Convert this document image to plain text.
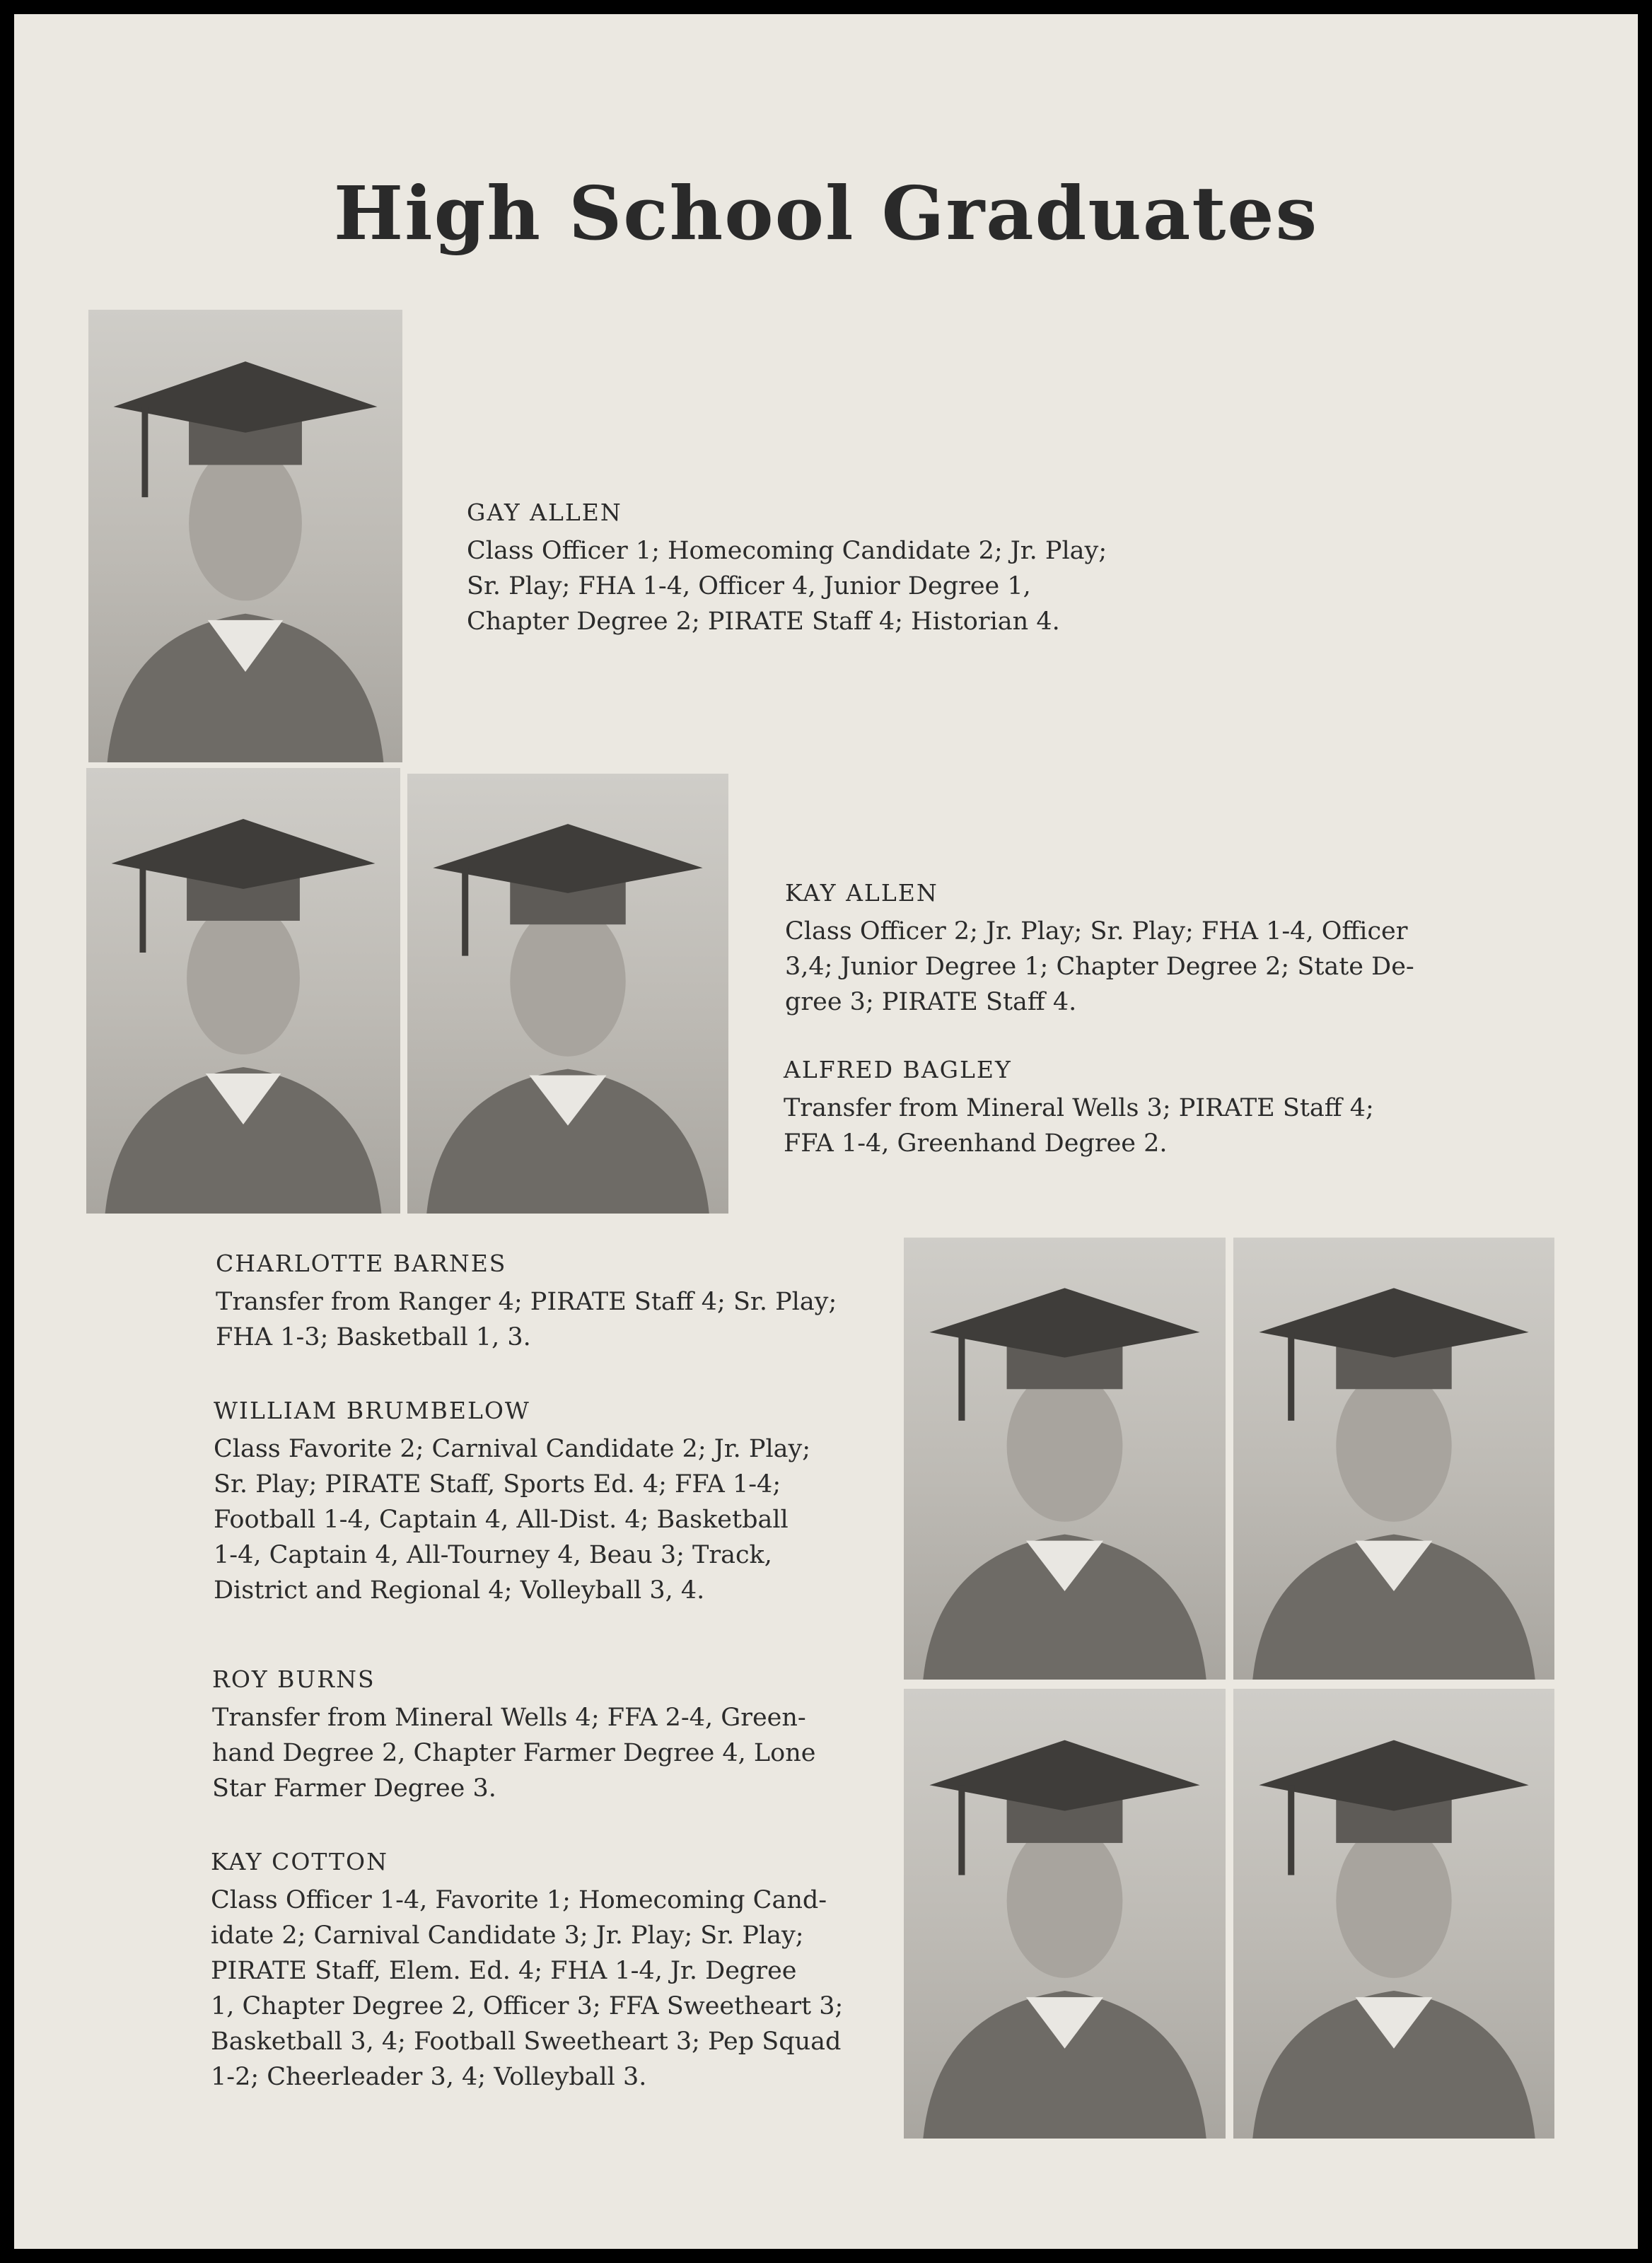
High School Graduates
GAY ALLEN
Class Officer 1; Homecoming Candidate 2; Jr. Play;
Sr. Play; FHA 1-4, Officer 4, Junior Degree 1,
Chapter Degree 2; PIRATE Staff 4; Historian 4.
KAY ALLEN
Class Officer 2; Jr. Play; Sr. Play; FHA 1-4, Officer
3,4; Junior Degree 1; Chapter Degree 2; State De-
gree 3; PIRATE Staff 4.
ALFRED BAGLEY
Transfer from Mineral Wells 3; PIRATE Staff 4;
FFA 1-4, Greenhand Degree 2.
CHARLOTTE BARNES
Transfer from Ranger 4; PIRATE Staff 4; Sr. Play;
FHA 1-3; Basketball 1, 3.
WILLIAM BRUMBELOW
Class Favorite 2; Carnival Candidate 2; Jr. Play;
Sr. Play; PIRATE Staff, Sports Ed. 4; FFA 1-4;
Football 1-4, Captain 4, All-Dist. 4; Basketball
1-4, Captain 4, All-Tourney 4, Beau 3; Track,
District and Regional 4; Volleyball 3, 4.
ROY BURNS
Transfer from Mineral Wells 4; FFA 2-4, Green-
hand Degree 2, Chapter Farmer Degree 4, Lone
Star Farmer Degree 3.
KAY COTTON
Class Officer 1-4, Favorite 1; Homecoming Cand-
idate 2; Carnival Candidate 3; Jr. Play; Sr. Play;
PIRATE Staff, Elem. Ed. 4; FHA 1-4, Jr. Degree
1, Chapter Degree 2, Officer 3; FFA Sweetheart 3;
Basketball 3, 4; Football Sweetheart 3; Pep Squad
1-2; Cheerleader 3, 4; Volleyball 3.
